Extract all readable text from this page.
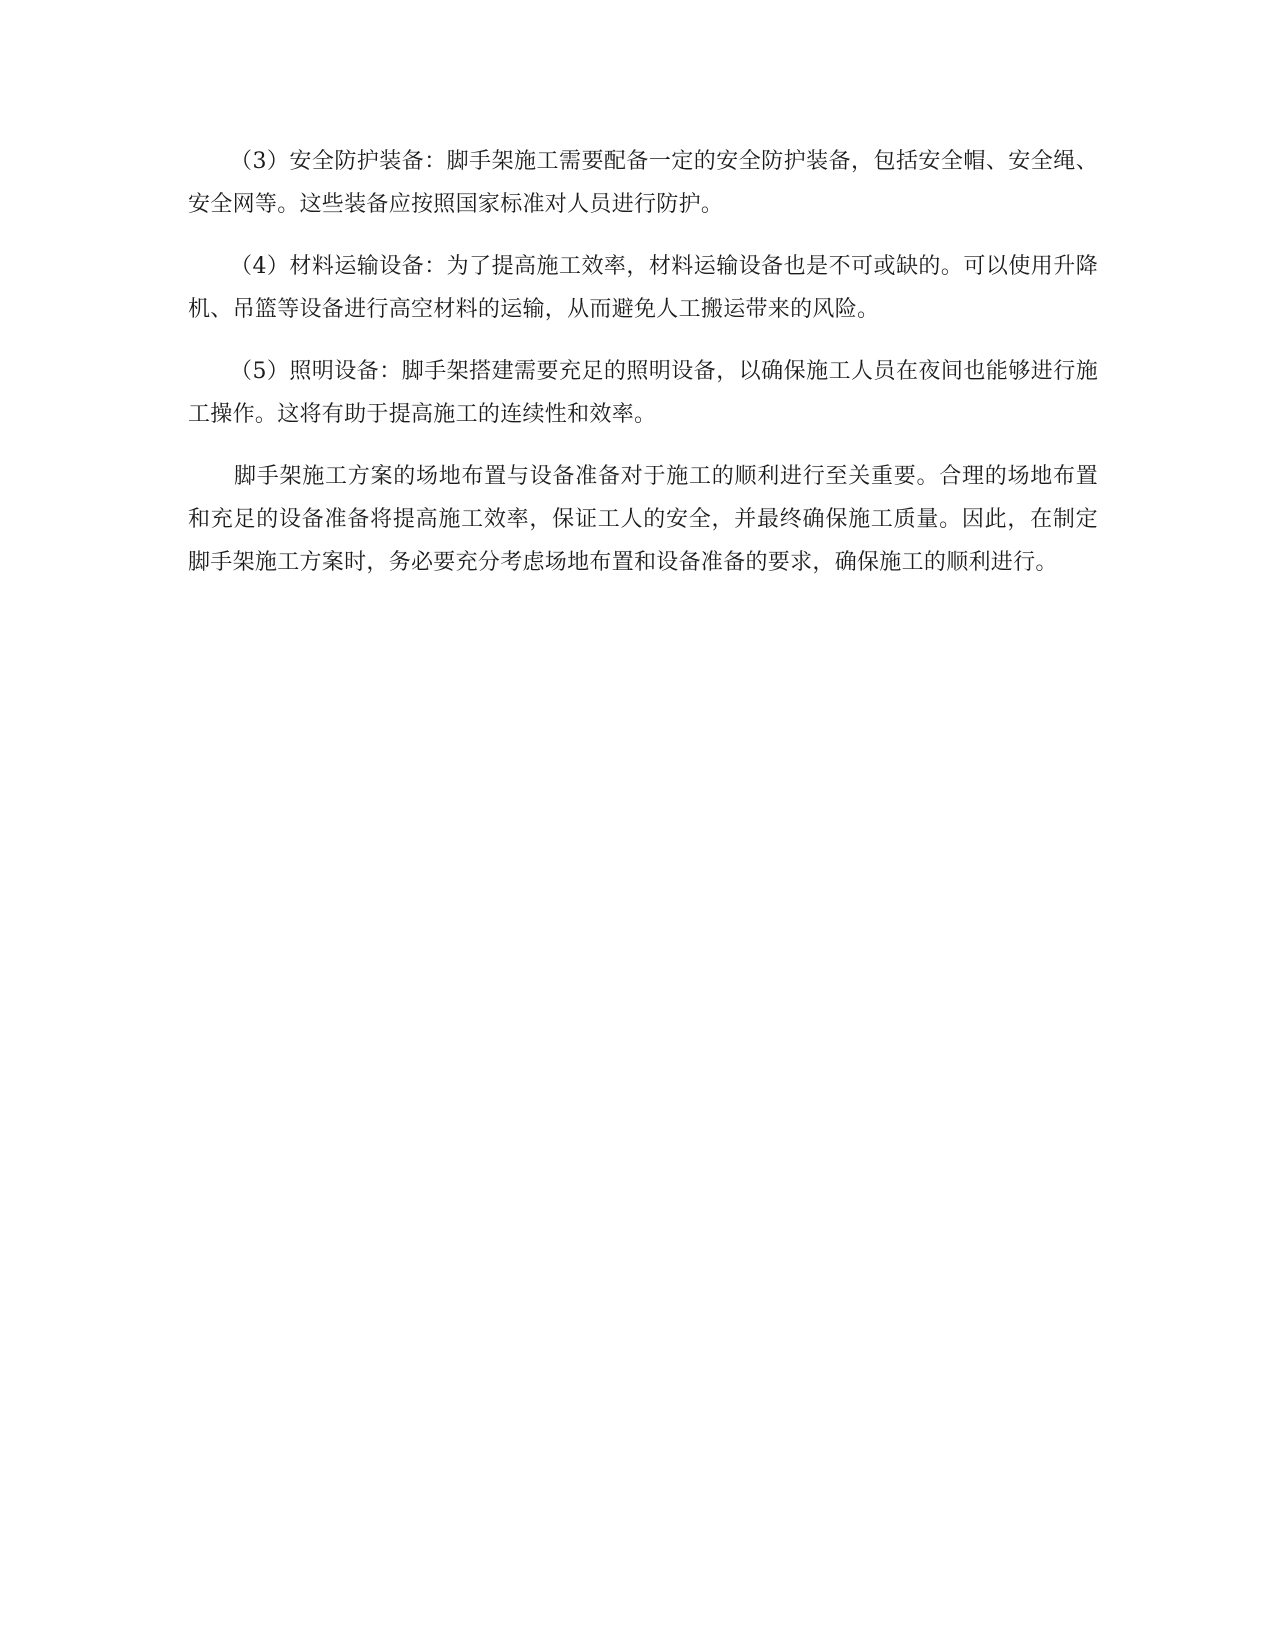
（3）安全防护装备：脚手架施工需要配备一定的安全防护装备，包括安全帽、安全绳、安全网等。这些装备应按照国家标准对人员进行防护。

（4）材料运输设备：为了提高施工效率，材料运输设备也是不可或缺的。可以使用升降机、吊篮等设备进行高空材料的运输，从而避免人工搬运带来的风险。

（5）照明设备：脚手架搭建需要充足的照明设备，以确保施工人员在夜间也能够进行施工操作。这将有助于提高施工的连续性和效率。

脚手架施工方案的场地布置与设备准备对于施工的顺利进行至关重要。合理的场地布置和充足的设备准备将提高施工效率，保证工人的安全，并最终确保施工质量。因此，在制定脚手架施工方案时，务必要充分考虑场地布置和设备准备的要求，确保施工的顺利进行。
